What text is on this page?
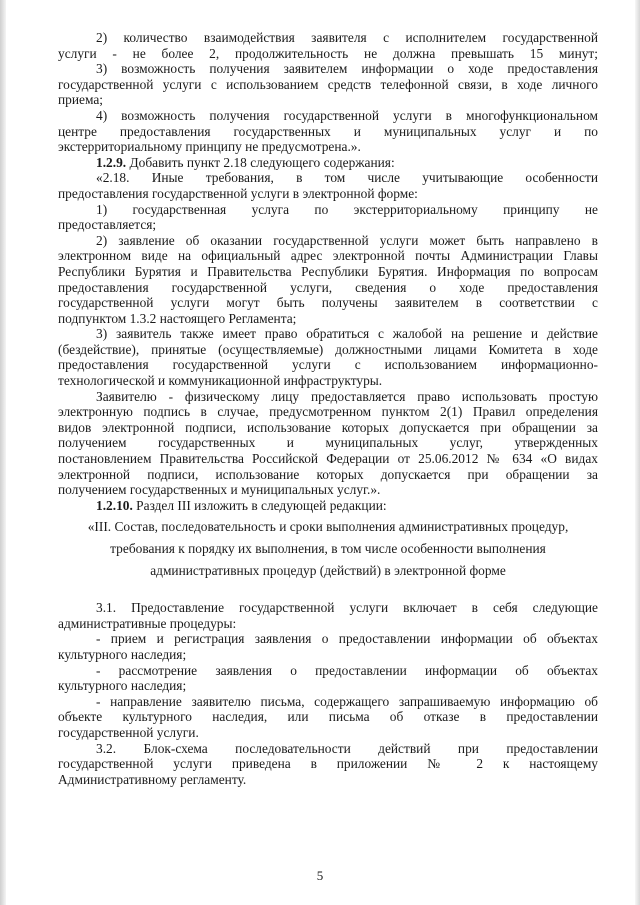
2) количество взаимодействия заявителя с исполнителем государственной

услуги - не более 2, продолжительность не должна превышать 15 минут;

3) возможность получения заявителем информации о ходе предоставления

государственной услуги с использованием средств телефонной связи, в ходе личного

приема;

4) возможность получения государственной услуги в многофункциональном

центре предоставления государственных и муниципальных услуг и по

экстерриториальному принципу не предусмотрена.».

1.2.9. Добавить пункт 2.18 следующего содержания:

«2.18. Иные требования, в том числе учитывающие особенности

предоставления государственной услуги в электронной форме:

1) государственная услуга по экстерриториальному принципу не

предоставляется;

2) заявление об оказании государственной услуги может быть направлено в

электронном виде на официальный адрес электронной почты Администрации Главы

Республики Бурятия и Правительства Республики Бурятия. Информация по вопросам

предоставления государственной услуги, сведения о ходе предоставления

государственной услуги могут быть получены заявителем в соответствии с

подпунктом 1.3.2 настоящего Регламента;

3) заявитель также имеет право обратиться с жалобой на решение и действие

(бездействие), принятые (осуществляемые) должностными лицами Комитета в ходе

предоставления государственной услуги с использованием информационно-

технологической и коммуникационной инфраструктуры.

Заявителю - физическому лицу предоставляется право использовать простую

электронную подпись в случае, предусмотренном пунктом 2(1) Правил определения

видов электронной подписи, использование которых допускается при обращении за

получением государственных и муниципальных услуг, утвержденных

постановлением Правительства Российской Федерации от 25.06.2012 № 634 «О видах

электронной подписи, использование которых допускается при обращении за

получением государственных и муниципальных услуг.».

1.2.10. Раздел III изложить в следующей редакции:

«III. Состав, последовательность и сроки выполнения административных процедур,

требования к порядку их выполнения, в том числе особенности выполнения

административных процедур (действий) в электронной форме

3.1. Предоставление государственной услуги включает в себя следующие

административные процедуры:

- прием и регистрация заявления о предоставлении информации об объектах

культурного наследия;

- рассмотрение заявления о предоставлении информации об объектах

культурного наследия;

- направление заявителю письма, содержащего запрашиваемую информацию об

объекте культурного наследия, или письма об отказе в предоставлении

государственной услуги.

3.2. Блок-схема последовательности действий при предоставлении

государственной услуги приведена в приложении № 2 к настоящему

Административному регламенту.

5
